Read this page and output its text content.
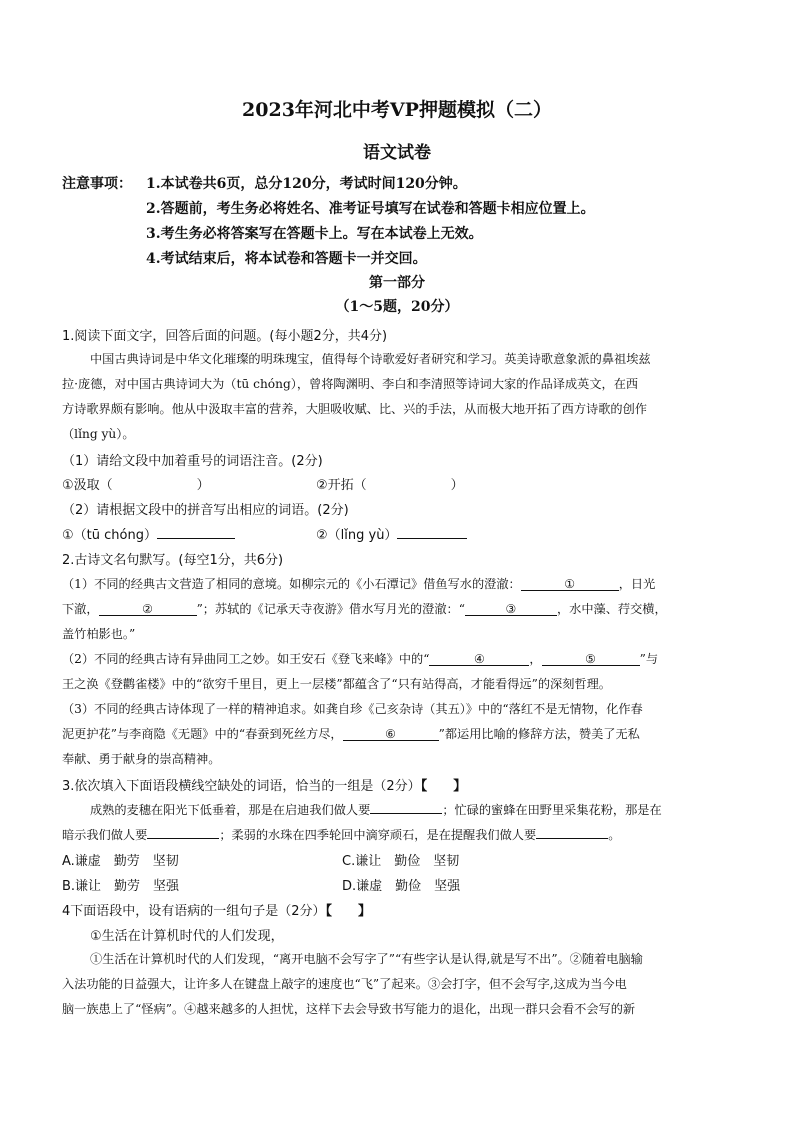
2023年河北中考VP押题模拟（二）
语文试卷
注意事项： 1.本试卷共6页，总分120分，考试时间120分钟。
2.答题前，考生务必将姓名、准考证号填写在试卷和答题卡相应位置上。
3.考生务必将答案写在答题卡上。写在本试卷上无效。
4.考试结束后，将本试卷和答题卡一并交回。
第一部分
（1～5题，20分）
1.阅读下面文字，回答后面的问题。(每小题2分，共4分)
中国古典诗词是中华文化璀璨的明珠瑰宝，值得每个诗歌爱好者研究和学习。英美诗歌意象派的鼻祖埃兹
拉·庞德，对中国古典诗词大为（tū chóng），曾将陶渊明、李白和李清照等诗词大家的作品译成英文，在西
方诗歌界颇有影响。他从中汲取丰富的营养，大胆吸收赋、比、兴的手法，从而极大地开拓了西方诗歌的创作
（lǐng yù）。
（1）请给文段中加着重号的词语注音。(2分)
①汲取（	）	②开拓（	）
（2）请根据文段中的拼音写出相应的词语。(2分)
①（tū chóng）	②（lǐng yù）
2.古诗文名句默写。(每空1分，共6分)
（1）不同的经典古文营造了相同的意境。如柳宗元的《小石潭记》借鱼写水的澄澈：	①	，日光
下澈，	②	”；苏轼的《记承天寺夜游》借水写月光的澄澈：“	③	，水中藻、荇交横，
盖竹柏影也。”
（2）不同的经典古诗有异曲同工之妙。如王安石《登飞来峰》中的“	④	，	⑤	”与
王之涣《登鹳雀楼》中的“欲穷千里目，更上一层楼”都蕴含了“只有站得高，才能看得远”的深刻哲理。
（3）不同的经典古诗体现了一样的精神追求。如龚自珍《己亥杂诗（其五）》中的“落红不是无情物，化作春
泥更护花”与李商隐《无题》中的“春蚕到死丝方尽，	⑥	”都运用比喻的修辞方法，赞美了无私
奉献、勇于献身的崇高精神。
3.依次填入下面语段横线空缺处的词语，恰当的一组是（2分）【　　】
成熟的麦穗在阳光下低垂着，那是在启迪我们做人要	；忙碌的蜜蜂在田野里采集花粉，那是在
暗示我们做人要	；柔弱的水珠在四季轮回中滴穿顽石，是在提醒我们做人要	。
A.谦虚　勤劳　坚韧	C.谦让　勤俭　坚韧
B.谦让　勤劳　坚强	D.谦虚　勤俭　坚强
4下面语段中，设有语病的一组句子是（2分）【　　】
①生活在计算机时代的人们发现，
①生活在计算机时代的人们发现，“离开电脑不会写字了”“有些字认是认得,就是写不出”。②随着电脑输
入法功能的日益强大，让许多人在键盘上敲字的速度也“飞”了起来。③会打字，但不会写字,这成为当今电
脑一族患上了“怪病”。④越来越多的人担忧，这样下去会导致书写能力的退化，出现一群只会看不会写的新
